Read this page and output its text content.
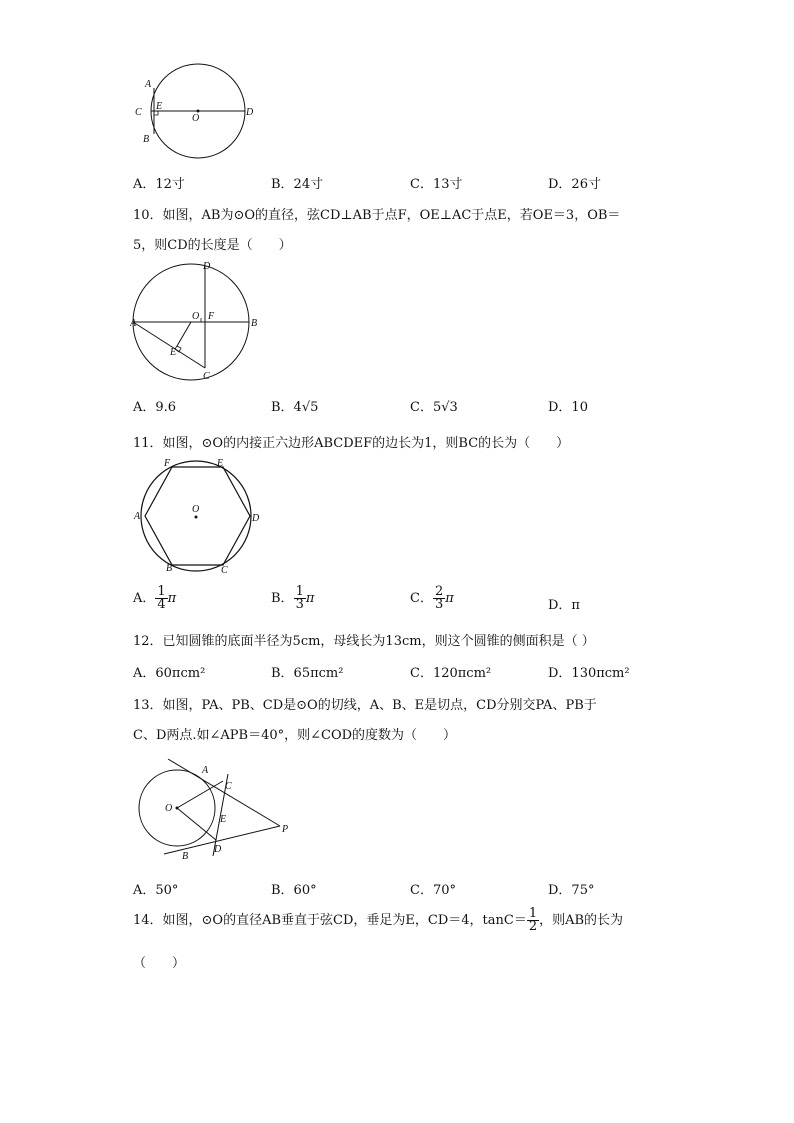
A
C
E
O
D
B
A．12寸	B．24寸	C．13寸	D．26寸
10．如图，AB为⊙O的直径，弦CD⊥AB于点F，OE⊥AC于点E，若OE＝3，OB＝
5，则CD的长度是（　　）
A	B
D
C
O F
E
A．9.6	B．4√5	C．5√3	D．10
11．如图，⊙O的内接正六边形ABCDEF的边长为1，则BC的长为（　　）
F	E
A	D
O
B	C
A． $\frac{1}{4}$ π	B． $\frac{1}{3}$ π	C． $\frac{2}{3}$ π	D．π
12．已知圆锥的底面半径为5cm，母线长为13cm，则这个圆锥的侧面积是（ ）
A．60πcm²	B．65πcm²	C．120πcm²	D．130πcm²
13．如图，PA、PB、CD是⊙O的切线，A、B、E是切点，CD分别交PA、PB于
C、D两点.如∠APB＝40°，则∠COD的度数为（　　）
O
A
C
E
P
D
B
A．50°	B．60°	C．70°	D．75°
14．如图，⊙O的直径AB垂直于弦CD，垂足为E，CD＝4，$\tan C= \frac{1}{2}$ ，则AB的长为
（　　）
